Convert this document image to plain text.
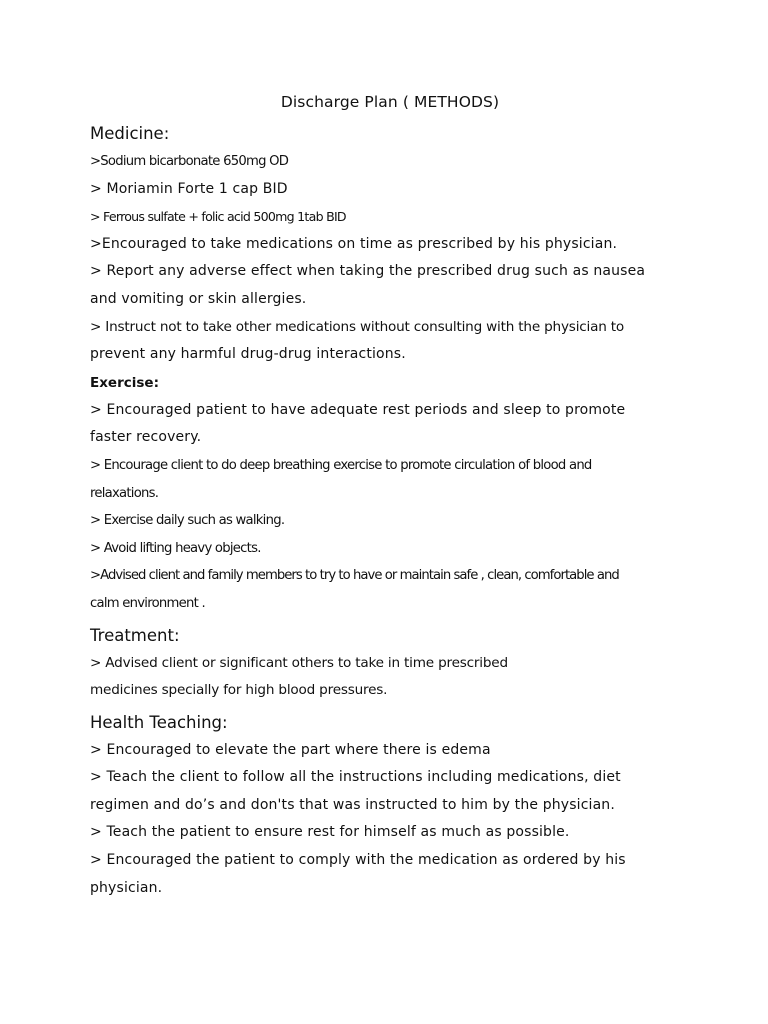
Discharge Plan ( METHODS)
Medicine:
>Sodium bicarbonate 650mg OD
> Moriamin Forte 1 cap BID
> Ferrous sulfate + folic acid 500mg 1tab BID
>Encouraged to take medications on time as prescribed by his physician.
> Report any adverse effect when taking the prescribed drug such as nausea
and vomiting or skin allergies.
> Instruct not to take other medications without consulting with the physician to
prevent any harmful drug-drug interactions.
Exercise:
> Encouraged patient to have adequate rest periods and sleep to promote
faster recovery.
> Encourage client to do deep breathing exercise to promote circulation of blood and
relaxations.
> Exercise daily such as walking.
> Avoid lifting heavy objects.
>Advised client and family members to try to have or maintain safe , clean, comfortable and
calm environment .
Treatment:
> Advised client or significant others to take in time prescribed
medicines specially for high blood pressures.
Health Teaching:
> Encouraged to elevate the part where there is edema
> Teach the client to follow all the instructions including medications, diet
regimen and do’s and don'ts that was instructed to him by the physician.
> Teach the patient to ensure rest for himself as much as possible.
> Encouraged the patient to comply with the medication as ordered by his
physician.
